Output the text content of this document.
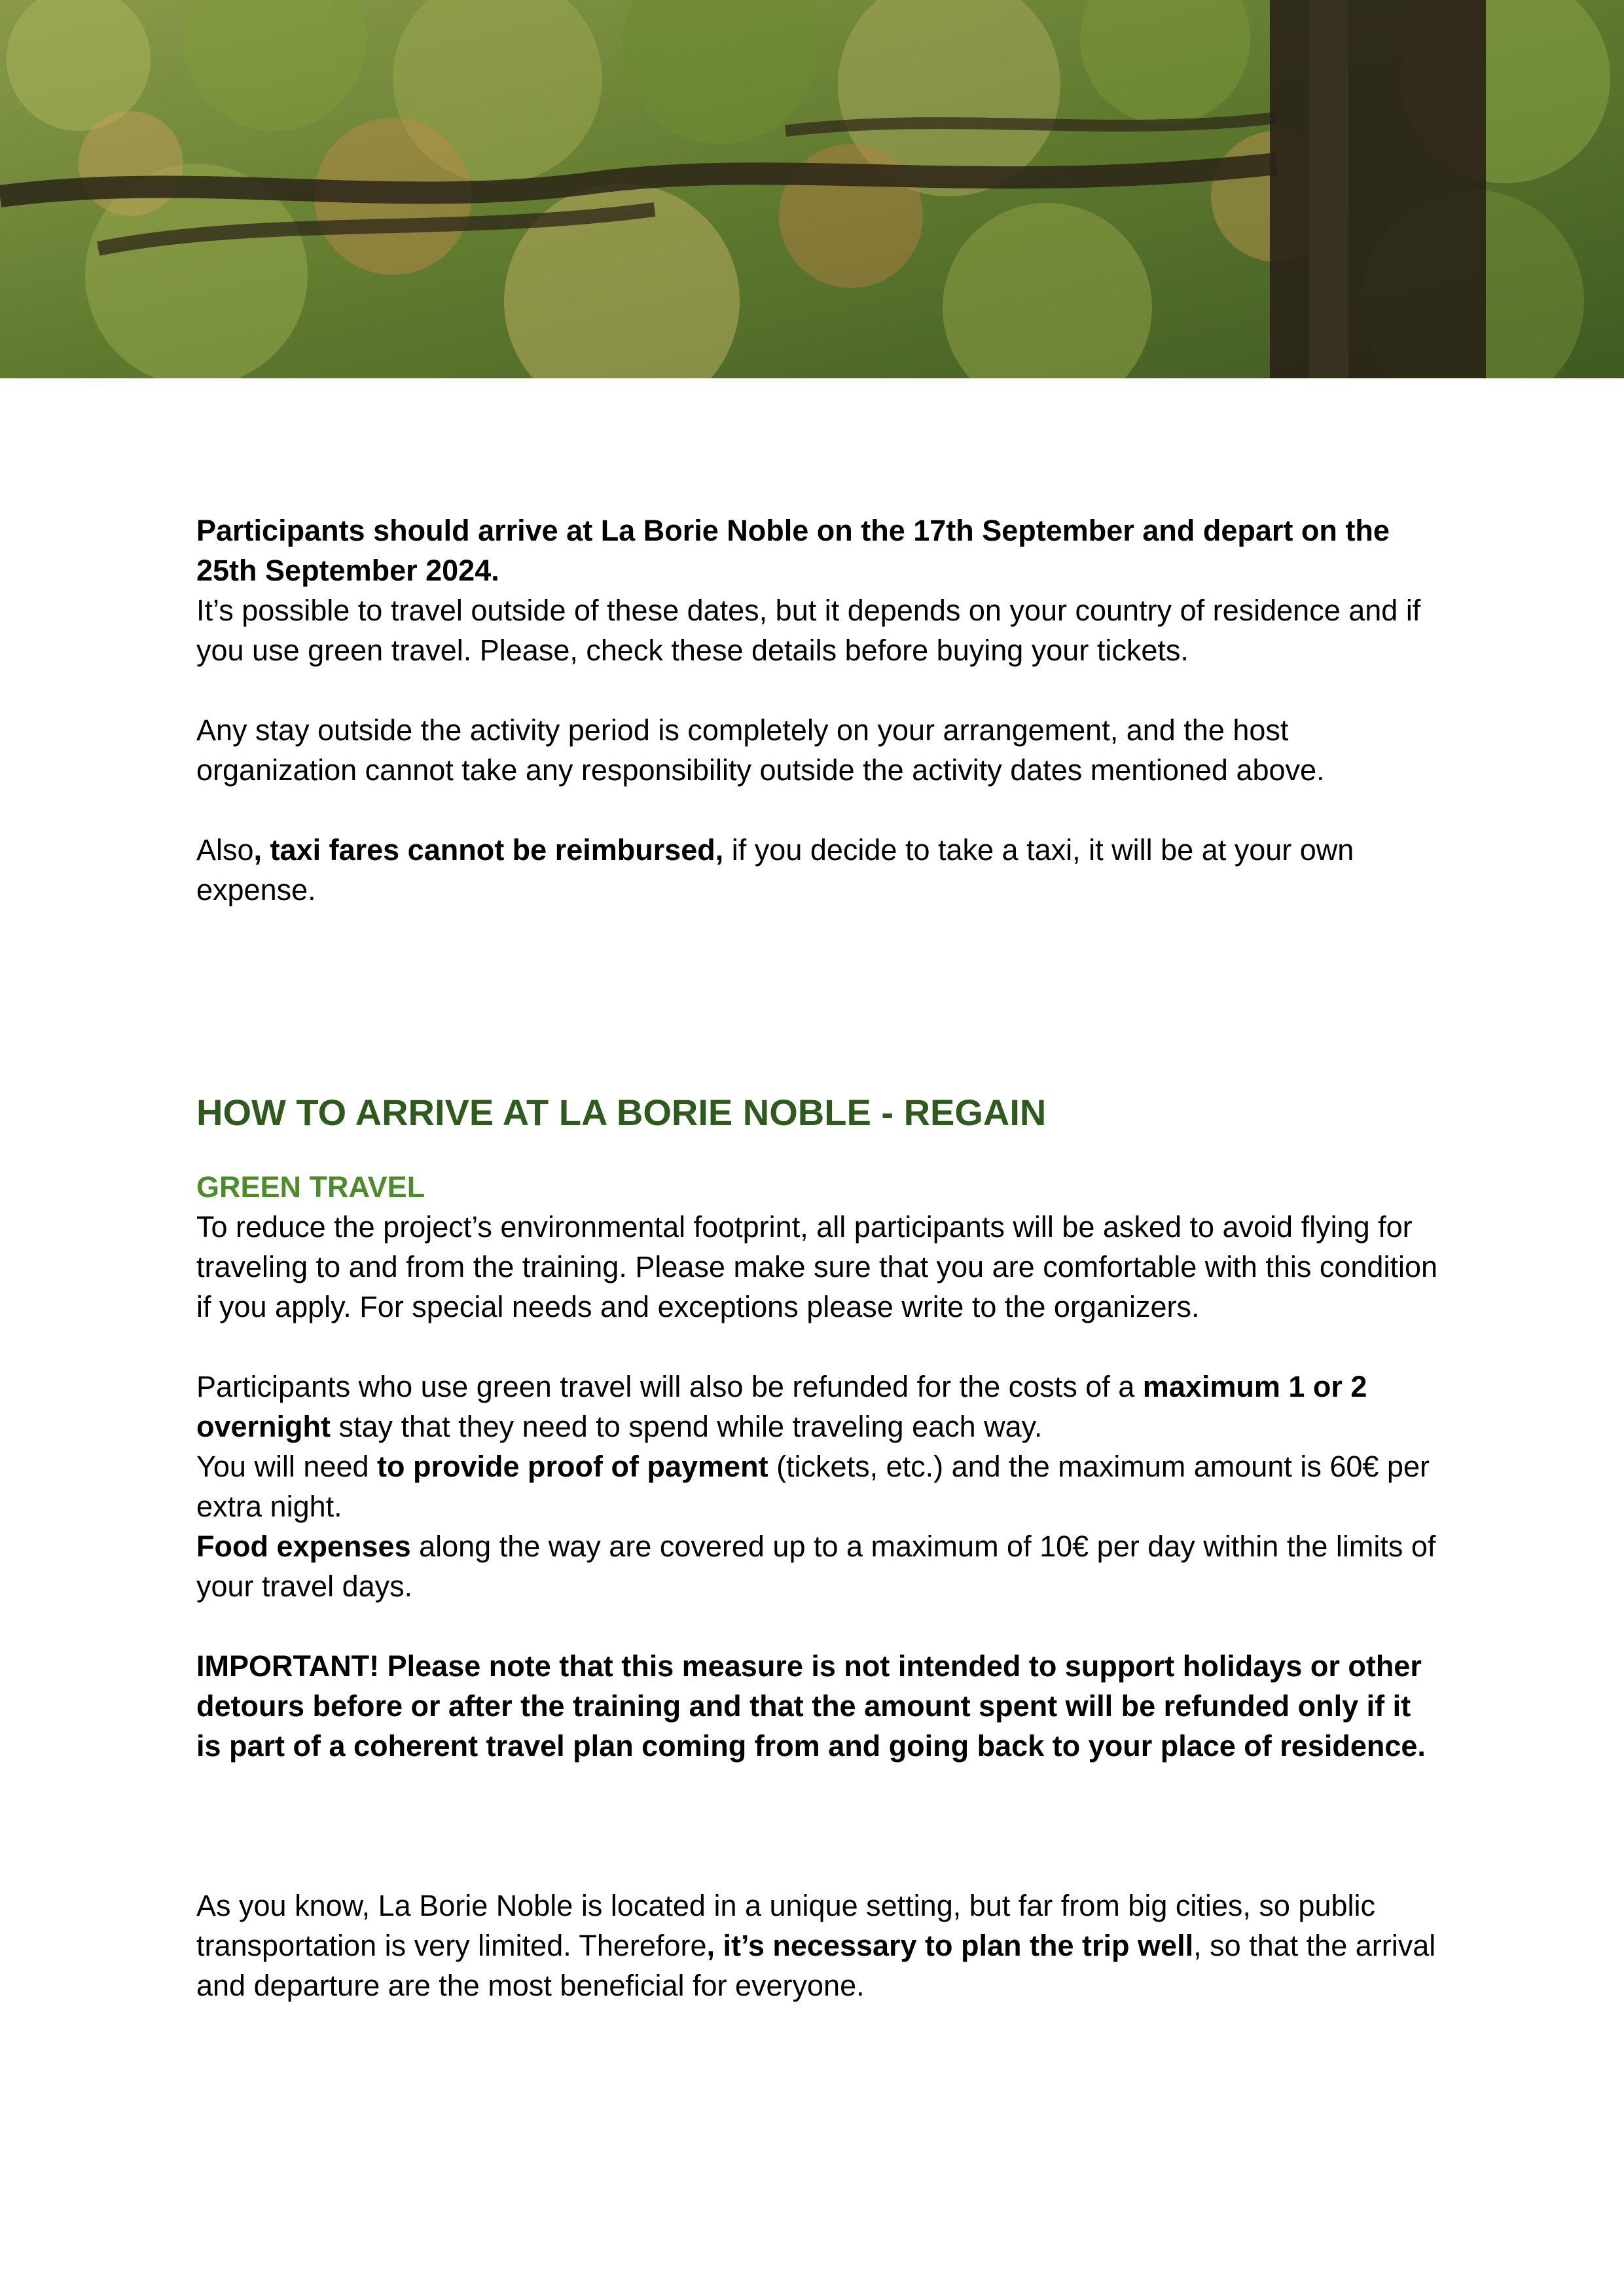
Participants should arrive at La Borie Noble on the 17th September and depart on the 25th September 2024.
It’s possible to travel outside of these dates, but it depends on your country of residence and if you use green travel. Please, check these details before buying your tickets.

Any stay outside the activity period is completely on your arrangement, and the host organization cannot take any responsibility outside the activity dates mentioned above.

Also, taxi fares cannot be reimbursed, if you decide to take a taxi, it will be at your own expense.

HOW TO ARRIVE AT LA BORIE NOBLE - REGAIN
GREEN TRAVEL

To reduce the project’s environmental footprint, all participants will be asked to avoid flying for traveling to and from the training. Please make sure that you are comfortable with this condition if you apply. For special needs and exceptions please write to the organizers.

Participants who use green travel will also be refunded for the costs of a maximum 1 or 2 overnight stay that they need to spend while traveling each way.
You will need to provide proof of payment (tickets, etc.) and the maximum amount is 60€ per extra night.
Food expenses along the way are covered up to a maximum of 10€ per day within the limits of your travel days.

IMPORTANT! Please note that this measure is not intended to support holidays or other detours before or after the training and that the amount spent will be refunded only if it is part of a coherent travel plan coming from and going back to your place of residence.

As you know, La Borie Noble is located in a unique setting, but far from big cities, so public transportation is very limited. Therefore, it’s necessary to plan the trip well, so that the arrival and departure are the most beneficial for everyone.
